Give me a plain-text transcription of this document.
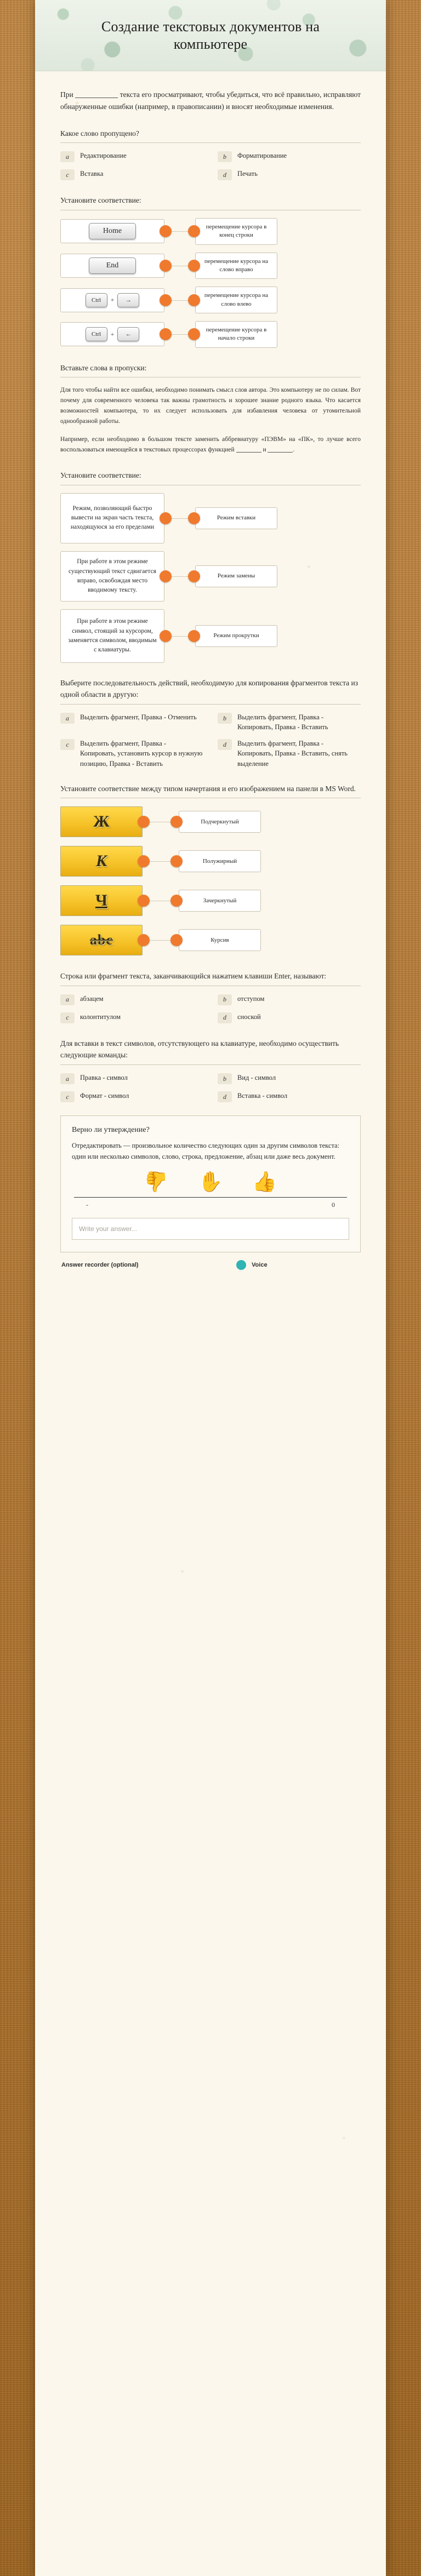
Создание текстовых документов на компьютере
При	текста его просматривают, чтобы убедиться, что всё правильно, исправляют обнаруженные ошибки (например, в правописании) и вносят необходимые изменения.
Какое слово пропущено?
a	Редактирование	b	Форматирование
c	Вставка	d	Печать
Установите соответствие:
Home
перемещение курсора в конец строки
End
перемещение курсора на слово вправо
Ctrl	+	→
перемещение курсора на слово влево
Ctrl	+	←
перемещение курсора в начало строки
Вставьте слова в пропуски:
Для того чтобы найти все ошибки, необходимо понимать смысл слов автора. Это компьютеру не по силам. Вот почему для современного человека так важны грамотность и хорошее знание родного языка. Что касается возможностей компьютера, то их следует использовать для избавления человека от утомительной однообразной работы.
Например, если необходимо в большом тексте заменить аббревиатуру «ПЭВМ» на «ПК», то лучше всего воспользоваться имеющейся в текстовых процессорах функцией	и	.
Установите соответствие:
Режим, позволяющий быстро вывести на экран часть текста, находящуюся за его пределами
Режим вставки
При работе в этом режиме существующий текст сдвигается вправо, освобождая место вводимому тексту.
Режим замены
При работе в этом режиме символ, стоящий за курсором, заменяется символом, вводимым с клавиатуры.
Режим прокрутки
Выберите последовательность действий, необходимую для копирования фрагментов текста из одной области в другую:
a	Выделить фрагмент, Правка - Отменить	b	Выделить фрагмент, Правка - Копировать, Правка - Вставить
c	Выделить фрагмент, Правка - Копировать, установить курсор в нужную позицию, Правка - Вставить
d	Выделить фрагмент, Правка - Копировать, Правка - Вставить, снять выделение
Установите соответствие между типом начертания и его изображением на панели в MS Word.
Ж	Подчеркнутый
К	Полужирный
Ч	Зачеркнутый
abc	Курсив
Строка или фрагмент текста, заканчивающийся нажатием клавиши Enter, называют:
a	абзацем	b	отступом
c	колонтитулом	d	сноской
Для вставки в текст символов, отсутствующего на клавиатуре, необходимо осуществить следующие команды:
a	Правка - символ	b	Вид - символ
c	Формат - символ	d	Вставка - символ
Верно ли утверждение?

Отредактировать — произвольное количество следующих один за другим символов текста: один или несколько символов, слово, строка, предложение, абзац или даже весь документ.

👍 ✋ 👍
-	0
Write your answer...
Answer recorder (optional)	Voice
